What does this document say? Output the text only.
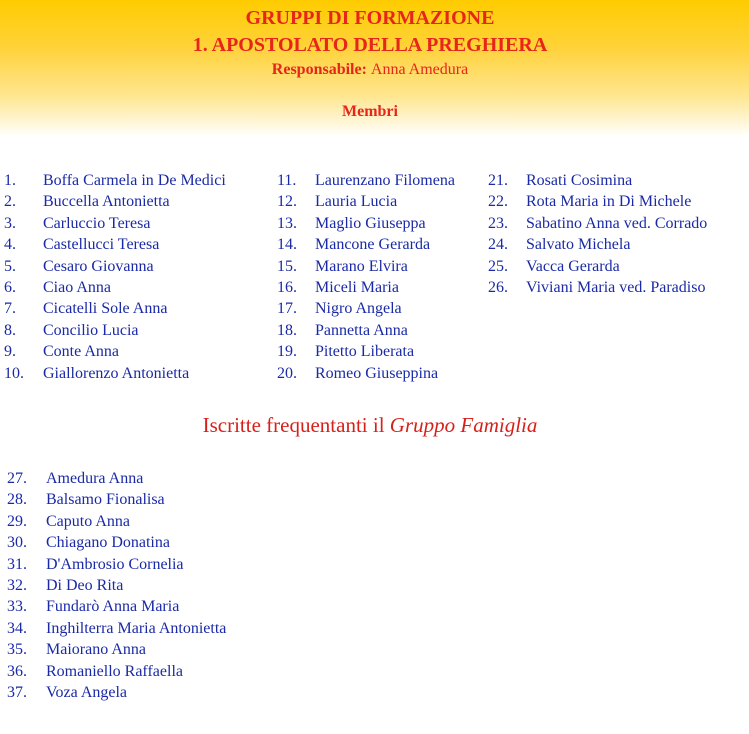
GRUPPI DI FORMAZIONE
1. APOSTOLATO DELLA PREGHIERA
Responsabile: Anna Amedura
Membri
1. Boffa Carmela in De Medici
2. Buccella Antonietta
3. Carluccio Teresa
4. Castellucci Teresa
5. Cesaro Giovanna
6. Ciao Anna
7. Cicatelli Sole Anna
8. Concilio Lucia
9. Conte Anna
10. Giallorenzo Antonietta
11. Laurenzano Filomena
12. Lauria Lucia
13. Maglio Giuseppa
14. Mancone Gerarda
15. Marano Elvira
16. Miceli Maria
17. Nigro Angela
18. Pannetta Anna
19. Pitetto Liberata
20. Romeo Giuseppina
21. Rosati Cosimina
22. Rota Maria in Di Michele
23. Sabatino Anna ved. Corrado
24. Salvato Michela
25. Vacca Gerarda
26. Viviani Maria ved. Paradiso
Iscritte frequentanti il Gruppo Famiglia
27. Amedura Anna
28. Balsamo Fionalisa
29. Caputo Anna
30. Chiagano Donatina
31. D'Ambrosio Cornelia
32. Di Deo Rita
33. Fundarò Anna Maria
34. Inghilterra Maria Antonietta
35. Maiorano Anna
36. Romaniello Raffaella
37. Voza Angela
